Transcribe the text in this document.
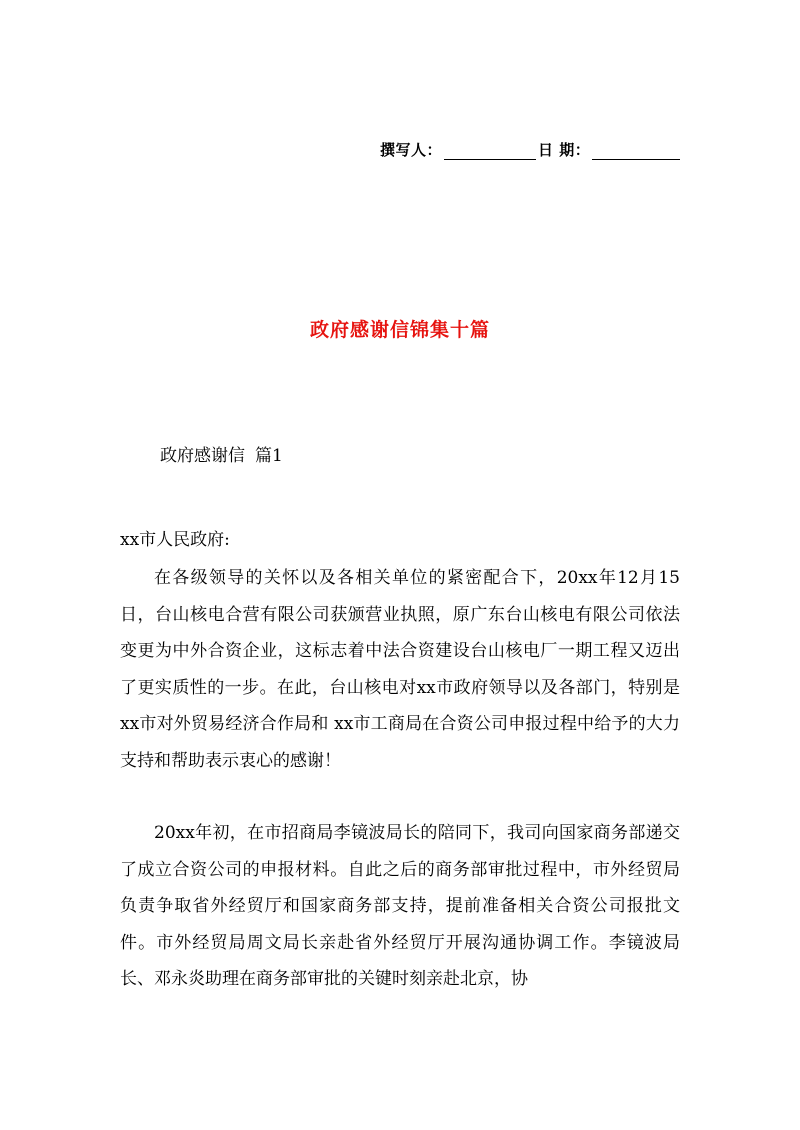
撰写人：	日 期：
政府感谢信锦集十篇
政府感谢信 篇1
xx市人民政府:

在各级领导的关怀以及各相关单位的紧密配合下，20xx年12月15日，台山核电合营有限公司获颁营业执照，原广东台山核电有限公司依法变更为中外合资企业，这标志着中法合资建设台山核电厂一期工程又迈出了更实质性的一步。在此，台山核电对xx市政府领导以及各部门，特别是xx市对外贸易经济合作局和 xx市工商局在合资公司申报过程中给予的大力支持和帮助表示衷心的感谢！

20xx年初，在市招商局李镜波局长的陪同下，我司向国家商务部递交了成立合资公司的申报材料。自此之后的商务部审批过程中，市外经贸局负责争取省外经贸厅和国家商务部支持，提前准备相关合资公司报批文件。市外经贸局周文局长亲赴省外经贸厅开展沟通协调工作。李镜波局长、邓永炎助理在商务部审批的关键时刻亲赴北京，协
